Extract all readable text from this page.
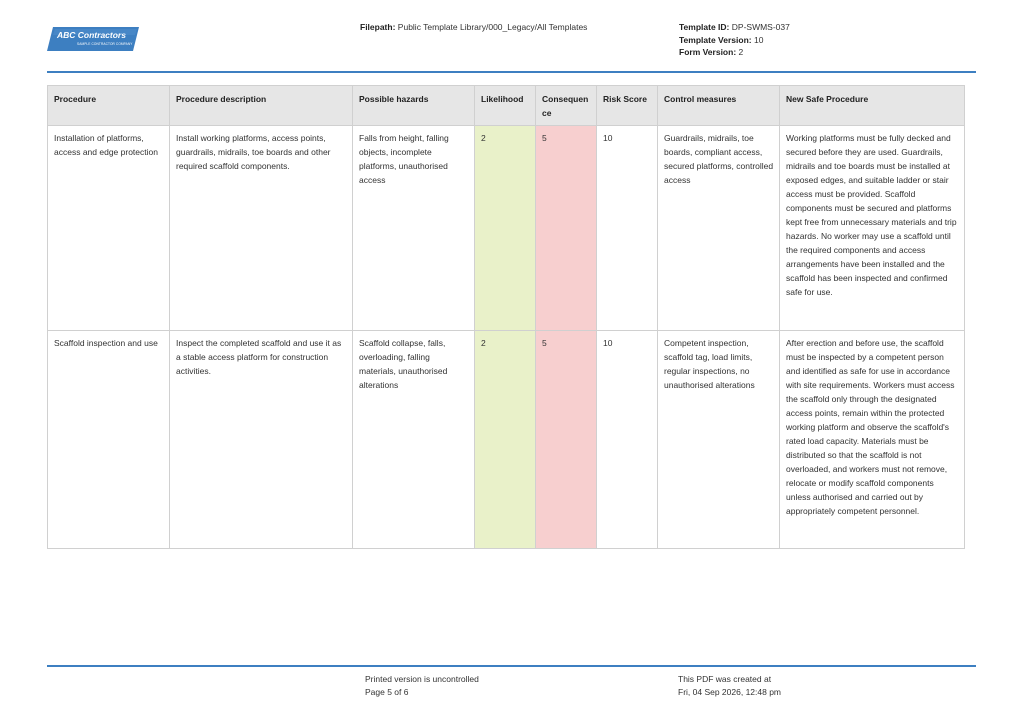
ABC Contractors
SAMPLE CONTRACTOR COMPANY
Filepath: Public Template Library/000_Legacy/All Templates	Template ID: DP-SWMS-037
Template Version: 10
Form Version: 2
Procedure	Procedure description	Possible hazards	Likelihood	Consequen ce	Risk Score	Control measures	New Safe Procedure
Installation of platforms, access and edge protection	Install working platforms, access points, guardrails, midrails, toe boards and other required scaffold components.	Falls from height, falling objects, incomplete platforms, unauthorised access	2	5	10	Guardrails, midrails, toe boards, compliant access, secured platforms, controlled access	Working platforms must be fully decked and secured before they are used. Guardrails, midrails and toe boards must be installed at exposed edges, and suitable ladder or stair access must be provided. Scaffold components must be secured and platforms kept free from unnecessary materials and trip hazards. No worker may use a scaffold until the required components and access arrangements have been installed and the scaffold has been inspected and confirmed safe for use.
Scaffold inspection and use	Inspect the completed scaffold and use it as a stable access platform for construction activities.	Scaffold collapse, falls, overloading, falling materials, unauthorised alterations	2	5	10	Competent inspection, scaffold tag, load limits, regular inspections, no unauthorised alterations	After erection and before use, the scaffold must be inspected by a competent person and identified as safe for use in accordance with site requirements. Workers must access the scaffold only through the designated access points, remain within the protected working platform and observe the scaffold's rated load capacity. Materials must be distributed so that the scaffold is not overloaded, and workers must not remove, relocate or modify scaffold components unless authorised and carried out by appropriately competent personnel.
Printed version is uncontrolled
Page 5 of 6
This PDF was created at
Fri, 04 Sep 2026, 12:48 pm
